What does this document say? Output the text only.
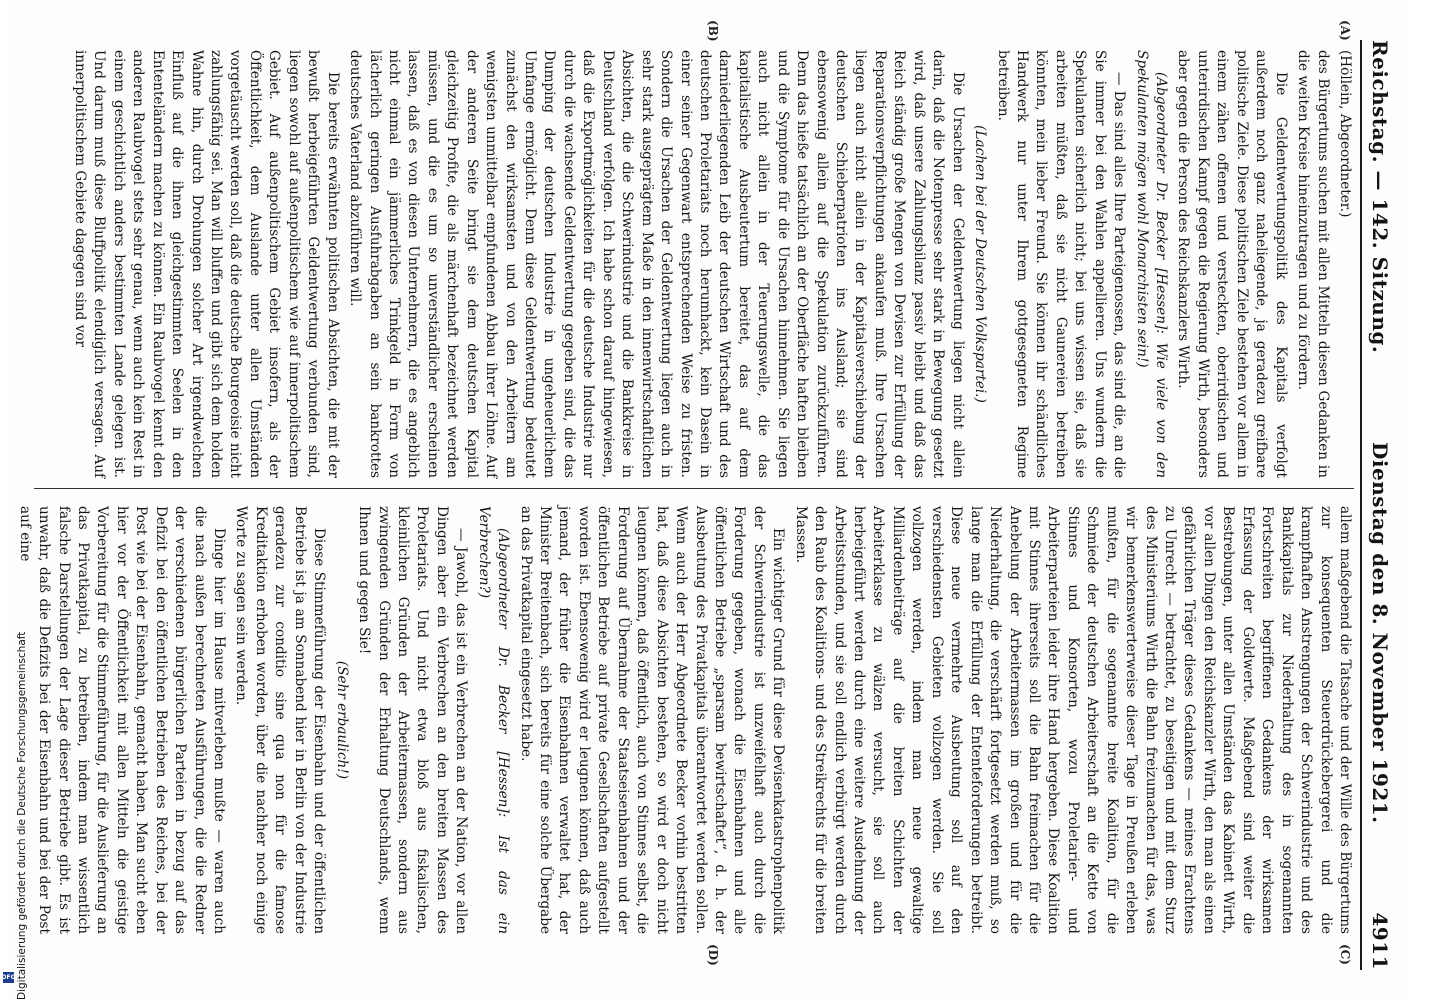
Reichstag. — 142. Sitzung.
Dienstag den 8. November 1921.
4911
(A)
(B)
(C)
(D)

(Höllein, Abgeordneter.)

des Bürgertums suchen mit allen Mitteln diesen Gedanken in die weiten Kreise hineinzutragen und zu fördern.

Die Geldentwertungspolitik des Kapitals verfolgt außerdem noch ganz naheliegende, ja geradezu greifbare politische Ziele. Diese politischen Ziele bestehen vor allem in einem zähen offenen und versteckten, oberirdischen und unterirdischen Kampf gegen die Regierung Wirth, besonders aber gegen die Person des Reichskanzlers Wirth.

(Abgeordneter Dr. Becker [Hessen]: Wie viele von den Spekulanten mögen wohl Monarchisten sein!)

— Das sind alles Ihre Parteigenossen, das sind die, an die Sie immer bei den Wahlen appellieren. Uns wundern die Spekulanten sicherlich nicht; bei uns wissen sie, daß sie arbeiten müßten, daß sie nicht Gaunereien betreiben könnten, mein lieber Freund. Sie können ihr schändliches Handwerk nur unter Ihrem gottgesegneten Regime betreiben.

(Lachen bei der Deutschen Volkspartei.)

Die Ursachen der Geldentwertung liegen nicht allein darin, daß die Notenpresse sehr stark in Bewegung gesetzt wird, daß unsere Zahlungsbilanz passiv bleibt und daß das Reich ständig große Mengen von Devisen zur Erfüllung der Reparationsverpflichtungen ankaufen muß. Ihre Ursachen liegen auch nicht allein in der Kapitalsverschiebung der deutschen Schieberpatrioten ins Ausland; sie sind ebensowenig allein auf die Spekulation zurückzuführen. Denn das hieße tatsächlich an der Oberfläche haften bleiben und die Symptome für die Ursachen hinnehmen. Sie liegen auch nicht allein in der Teuerungswelle, die das kapitalistische Ausbeutertum bereitet, das auf dem darniederliegenden Leib der deutschen Wirtschaft und des deutschen Proletariats noch herumhackt, kein Dasein in einer seiner Gegenwart entsprechenden Weise zu fristen. Sondern die Ursachen der Geldentwertung liegen auch in sehr stark ausgeprägtem Maße in den innenwirtschaftlichen Absichten, die die Schwerindustrie und die Bankkreise in Deutschland verfolgen. Ich habe schon darauf hingewiesen, daß die Exportmöglichkeiten für die deutsche Industrie nur durch die wachsende Geldentwertung gegeben sind, die das Dumping der deutschen Industrie in ungeheuerlichem Umfange ermöglicht. Denn diese Geldentwertung bedeutet zunächst den wirksamsten und von den Arbeitern am wenigsten unmittelbar empfundenen Abbau ihrer Löhne. Auf der anderen Seite bringt sie dem deutschen Kapital gleichzeitig Profite, die als märchenhaft bezeichnet werden müssen, und die es um so unverständlicher erscheinen lassen, daß es von diesen Unternehmern, die es angeblich nicht einmal ein jämmerliches Trinkgeld in Form von lächerlich geringen Ausfuhrabgaben an sein bankrottes deutsches Vaterland abzuführen will.

Die bereits erwähnten politischen Absichten, die mit der bewußt herbeigeführten Geldentwertung verbunden sind, liegen sowohl auf außenpolitischem wie auf innerpolitischem Gebiet. Auf außenpolitischem Gebiet insofern, als der Öffentlichkeit, dem Auslande unter allen Umständen vorgetäuscht werden soll, daß die deutsche Bourgeoisie nicht zahlungsfähig sei. Man will bluffen und gibt sich dem holden Wahne hin, durch Drohungen solcher Art irgendwelchen Einfluß auf die ihnen gleichgestimmten Seelen in den Ententeländern machen zu können. Ein Raubvogel kennt den anderen Raubvogel stets sehr genau, wenn auch kein Rest in einem geschichtlich anders bestimmten Lande gelegen ist. Und darum muß diese Bluffpolitik elendiglich versagen. Auf innerpolitischem Gebiete dagegen sind vor

allem maßgebend die Tatsache und der Wille des Bürgertums zur konsequenten Steuerdrückebergerei und die krampfhaften Anstrengungen der Schwerindustrie und des Bankkapitals zur Niederhaltung des in sogenannten Fortschreiten begriffenen Gedankens der wirksamen Erfassung der Goldwerte. Maßgebend sind weiter die Bestrebungen, unter allen Umständen das Kabinett Wirth, vor allen Dingen den Reichskanzler Wirth, den man als einen gefährlichen Träger dieses Gedankens — meines Erachtens zu Unrecht — betrachtet, zu beseitigen und mit dem Sturz des Ministeriums Wirth die Bahn freizumachen für das, was wir bemerkenswerterweise dieser Tage in Preußen erleben mußten, für die sogenannte breite Koalition, für die Schmiede der deutschen Arbeiterschaft an die Kette von Stinnes und Konsorten, wozu Proletarier- und Arbeiterparteien leider ihre Hand hergeben. Diese Koalition mit Stinnes ihrerseits soll die Bahn freimachen für die Anebelung der Arbeitermassen im großen und für die Niederhaltung, die verschärft fortgesetzt werden muß, so lange man die Erfüllung der Ententeforderungen betreibt. Diese neue vermehrte Ausbeutung soll auf den verschiedensten Gebieten vollzogen werden. Sie soll vollzogen werden, indem man neue gewaltige Milliardenbeiträge auf die breiten Schichten der Arbeiterklasse zu wälzen versucht, sie soll auch herbeigeführt werden durch eine weitere Ausdehnung der Arbeitsstunden, und sie soll endlich verbürgt werden durch den Raub des Koalitions- und des Streikrechts für die breiten Massen.

Ein wichtiger Grund für diese Devisenkatastrophenpolitik der Schwerindustrie ist unzweifelhaft auch durch die Forderung gegeben, wonach die Eisenbahnen und alle öffentlichen Betriebe „sparsam bewirtschaftet“, d. h. der Ausbeutung des Privatkapitals überantwortet werden sollen. Wenn auch der Herr Abgeordnete Becker vorhin bestritten hat, daß diese Absichten bestehen, so wird er doch nicht leugnen können, daß öffentlich, auch von Stinnes selbst, die Forderung auf Übernahme der Staatseisenbahnen und der öffentlichen Betriebe auf private Gesellschaften aufgestellt worden ist. Ebensowenig wird er leugnen können, daß auch jemand, der früher die Eisenbahnen verwaltet hat, der Minister Breitenbach, sich bereits für eine solche Übergabe an das Privatkapital eingesetzt habe.

(Abgeordneter Dr. Becker [Hessen]: Ist das ein Verbrechen?)

— Jawohl, das ist ein Verbrechen an der Nation, vor allen Dingen aber ein Verbrechen an den breiten Massen des Proletariats. Und nicht etwa bloß aus fiskalischen, kleinlichen Gründen der Arbeitermassen, sondern aus zwingenden Gründen der Erhaltung Deutschlands, wenn Ihnen und gegen Sie!

(Sehr erbaulich!)

Diese Stimmeführung der Eisenbahn und der öffentlichen Betriebe ist ja am Sonnabend hier in Berlin von der Industrie geradezu zur conditio sine qua non für die famose Kreditaktion erhoben worden, über die nachher noch einige Worte zu sagen sein werden.

Dinge hier im Hause mitverleben mußte — waren auch die nach außen berechneten Ausführungen, die die Redner der verschiedenen bürgerlichen Parteien in bezug auf das Defizit bei den öffentlichen Betrieben des Reiches, bei der Post wie bei der Eisenbahn, gemacht haben. Man sucht eben hier vor der Öffentlichkeit mit allen Mitteln die geistige Vorbereitung für die Stimmeführung, für die Auslieferung an das Privatkapital, zu betreiben, indem man wissentlich falsche Darstellungen der Lage dieser Betriebe gibt. Es ist unwahr, daß die Defizits bei der Eisenbahn und bei der Post auf eine

DFG Digitalisierung gefördert durch die Deutsche Forschungsgemeinschaft
